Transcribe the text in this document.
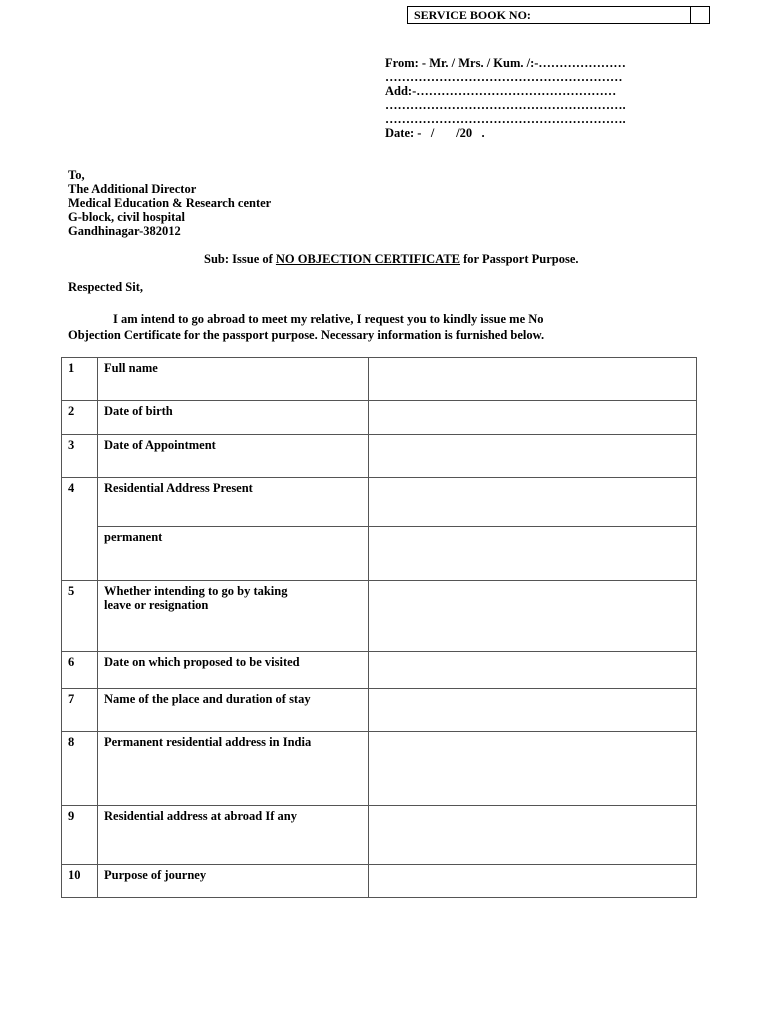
SERVICE BOOK NO:
From: - Mr. / Mrs. / Kum. /:-…………………
…………………………………………………
Add:-…………………………………………
………………………………………………….
………………………………………………….
Date: -   /       /20   .
To,
The Additional Director
Medical Education & Research center
G-block, civil hospital
Gandhinagar-382012
Sub: Issue of NO OBJECTION CERTIFICATE for Passport Purpose.
Respected Sit,
I am intend to go abroad to meet my relative, I request you to kindly issue me No
Objection Certificate for the passport purpose. Necessary information is furnished below.
1	Full name	
2	Date of birth	
3	Date of Appointment	
4	Residential Address Present	
	permanent	
5	Whether intending to go by taking
leave or resignation	

6	Date on which proposed to be visited	
7	Name of the place and duration of stay	
8	Permanent residential address in India	
9	Residential address at abroad If any	
10	Purpose of journey	
